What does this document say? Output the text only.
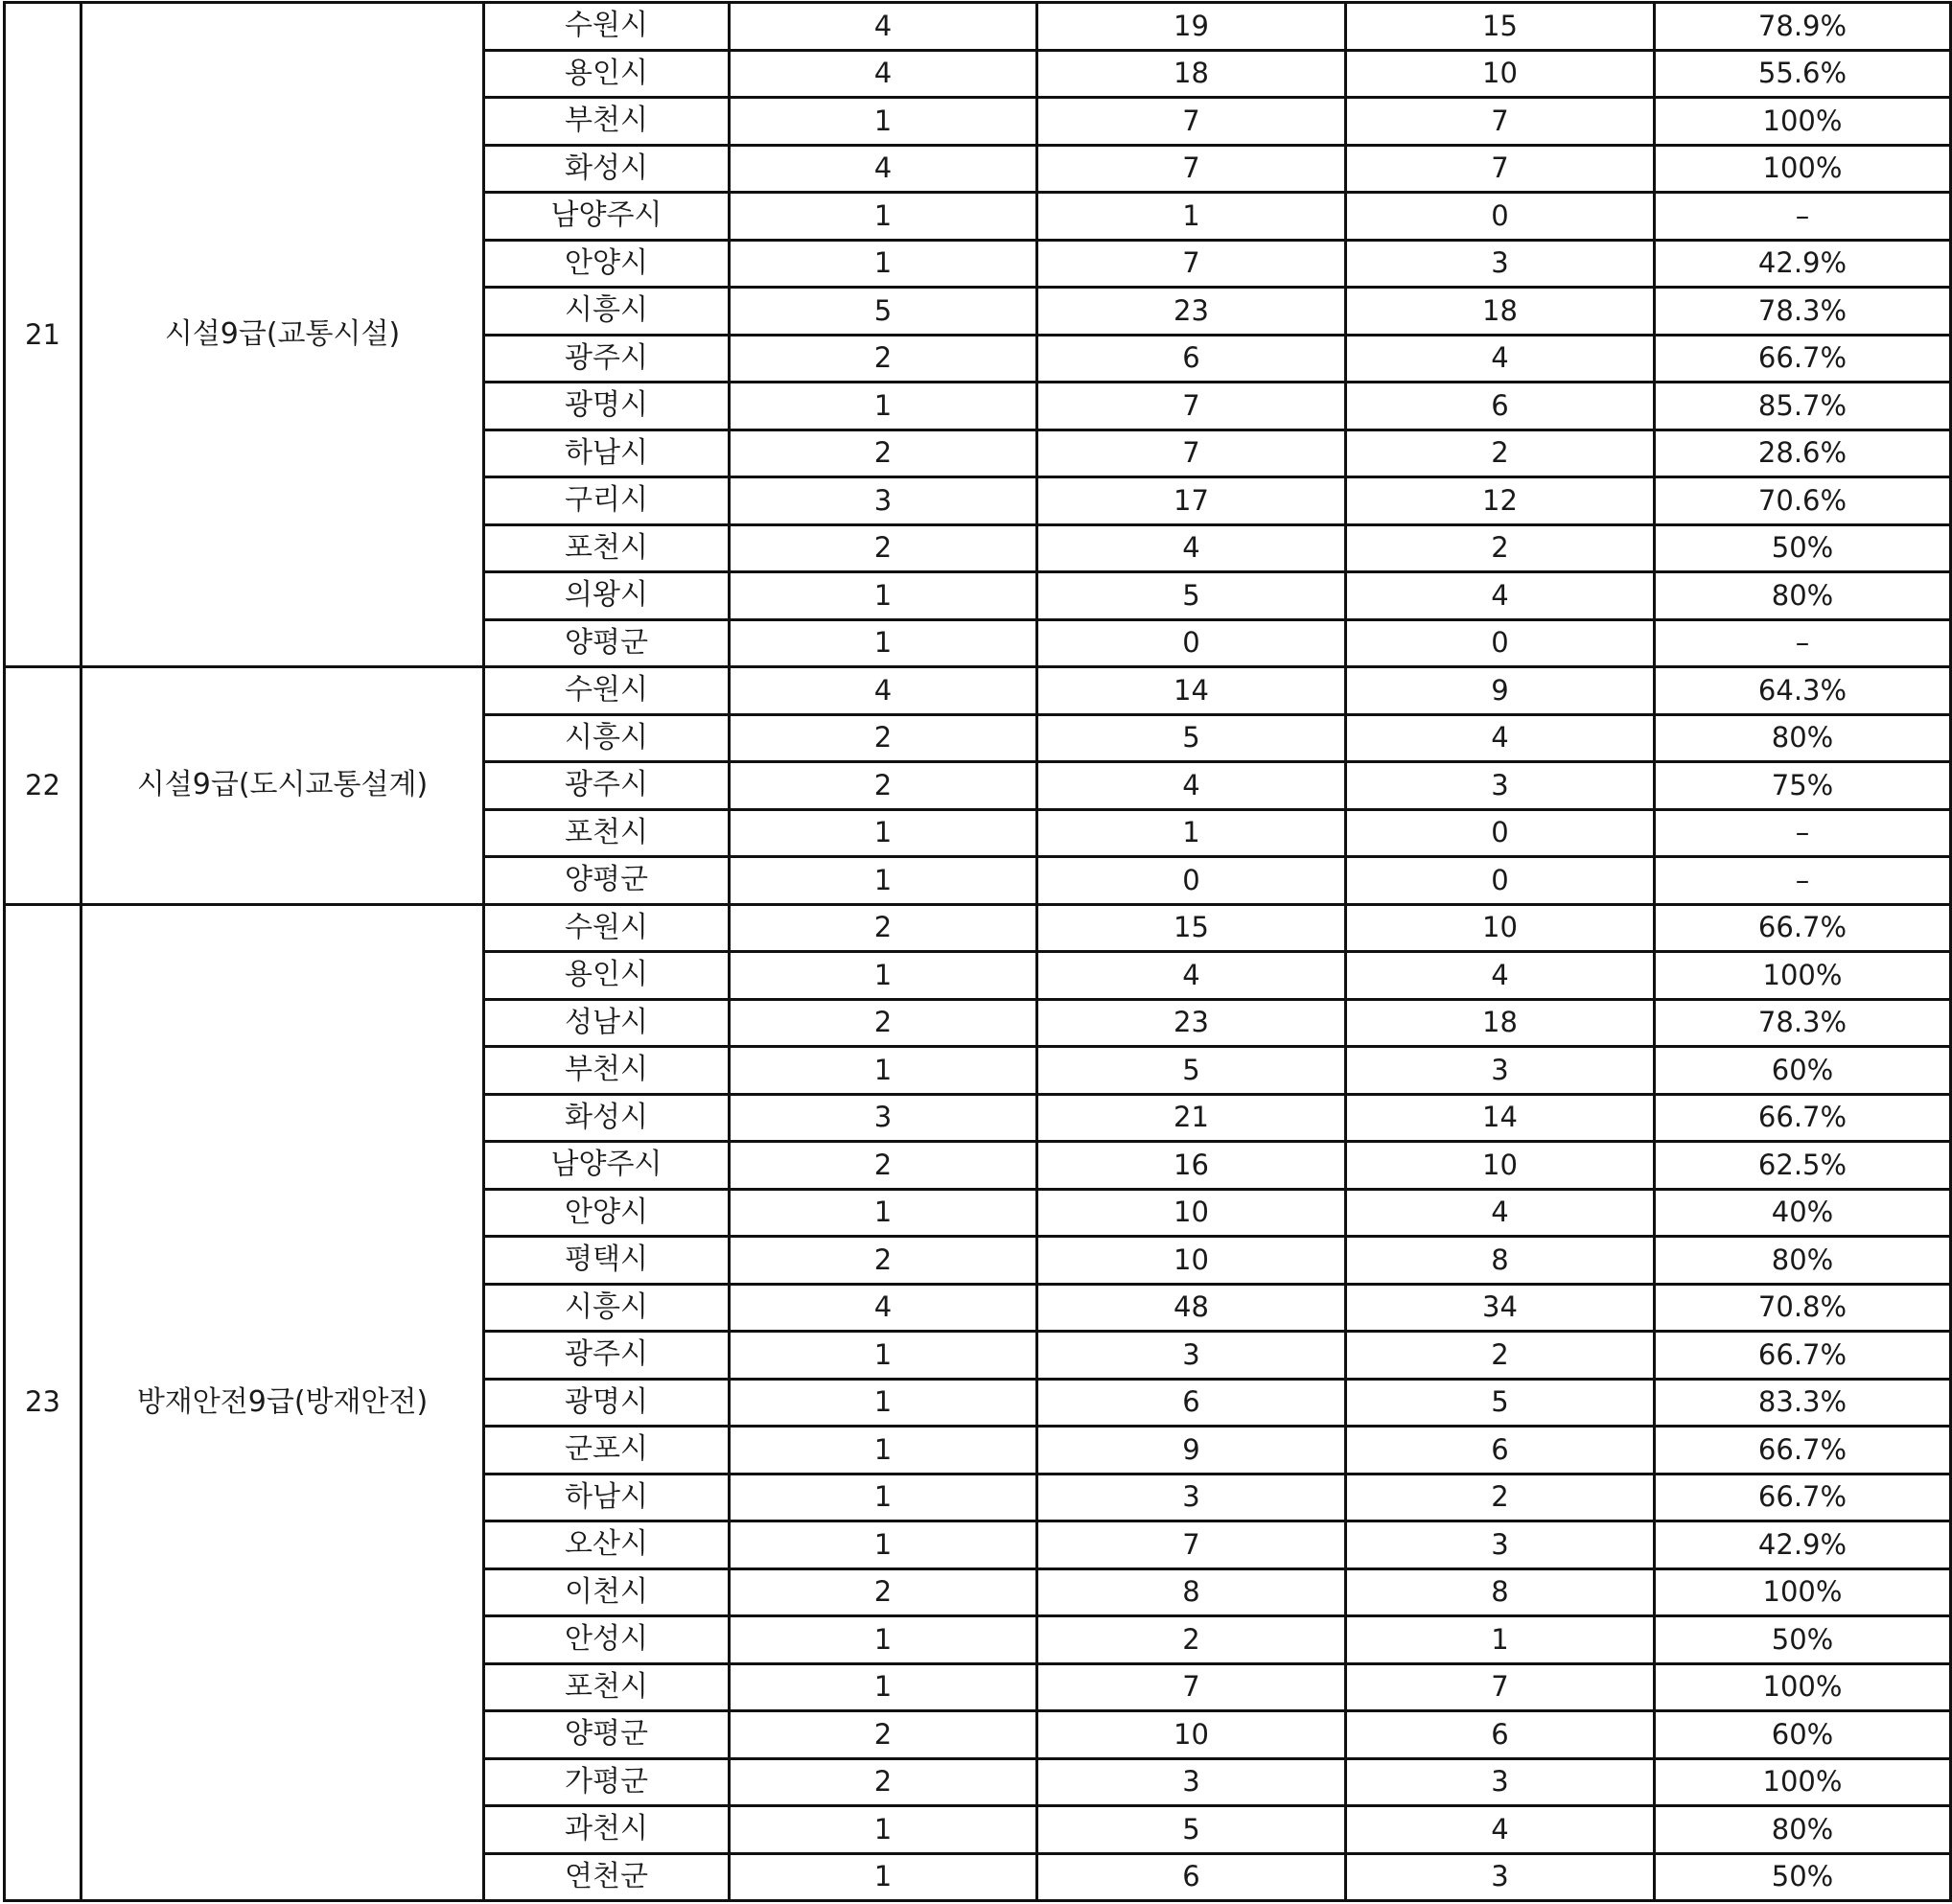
21	시설9급(교통시설)	수원시	4	19	15	78.9%
		용인시	4	18	10	55.6%
		부천시	1	7	7	100%
		화성시	4	7	7	100%
		남양주시	1	1	0	–
		안양시	1	7	3	42.9%
		시흥시	5	23	18	78.3%
		광주시	2	6	4	66.7%
		광명시	1	7	6	85.7%
		하남시	2	7	2	28.6%
		구리시	3	17	12	70.6%
		포천시	2	4	2	50%
		의왕시	1	5	4	80%
		양평군	1	0	0	–
22	시설9급(도시교통설계)	수원시	4	14	9	64.3%
		시흥시	2	5	4	80%
		광주시	2	4	3	75%
		포천시	1	1	0	–
		양평군	1	0	0	–
23	방재안전9급(방재안전)	수원시	2	15	10	66.7%
		용인시	1	4	4	100%
		성남시	2	23	18	78.3%
		부천시	1	5	3	60%
		화성시	3	21	14	66.7%
		남양주시	2	16	10	62.5%
		안양시	1	10	4	40%
		평택시	2	10	8	80%
		시흥시	4	48	34	70.8%
		광주시	1	3	2	66.7%
		광명시	1	6	5	83.3%
		군포시	1	9	6	66.7%
		하남시	1	3	2	66.7%
		오산시	1	7	3	42.9%
		이천시	2	8	8	100%
		안성시	1	2	1	50%
		포천시	1	7	7	100%
		양평군	2	10	6	60%
		가평군	2	3	3	100%
		과천시	1	5	4	80%
		연천군	1	6	3	50%
